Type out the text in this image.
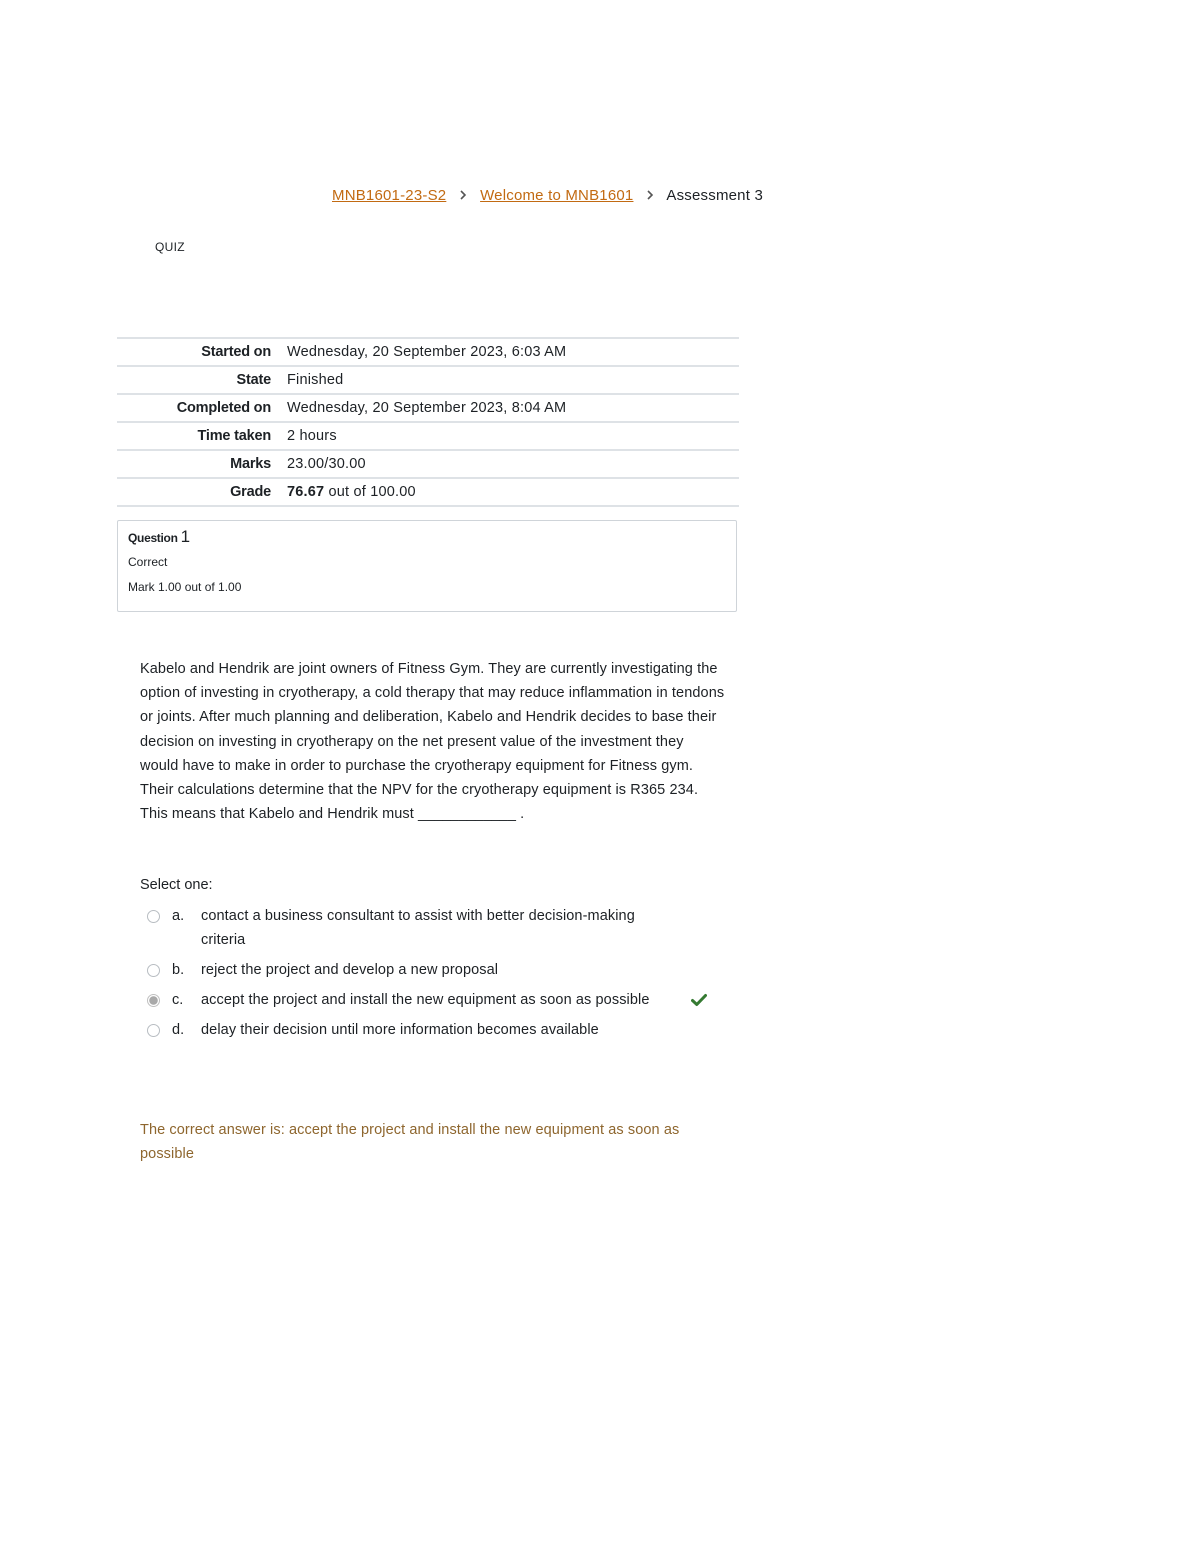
MNB1601-23-S2 Welcome to MNB1601 Assessment 3
QUIZ
Started on	Wednesday, 20 September 2023, 6:03 AM
State	Finished
Completed on	Wednesday, 20 September 2023, 8:04 AM
Time taken	2 hours
Marks	23.00/30.00
Grade	76.67 out of 100.00
Question 1
Correct
Mark 1.00 out of 1.00
Kabelo and Hendrik are joint owners of Fitness Gym. They are currently investigating the option of investing in cryotherapy, a cold therapy that may reduce inflammation in tendons or joints. After much planning and deliberation, Kabelo and Hendrik decides to base their decision on investing in cryotherapy on the net present value of the investment they would have to make in order to purchase the cryotherapy equipment for Fitness gym. Their calculations determine that the NPV for the cryotherapy equipment is R365 234. This means that Kabelo and Hendrik must ____________ .
Select one:
a.	contact a business consultant to assist with better decision-making criteria
b.	reject the project and develop a new proposal
c.	accept the project and install the new equipment as soon as possible
d.	delay their decision until more information becomes available
The correct answer is: accept the project and install the new equipment as soon as possible
